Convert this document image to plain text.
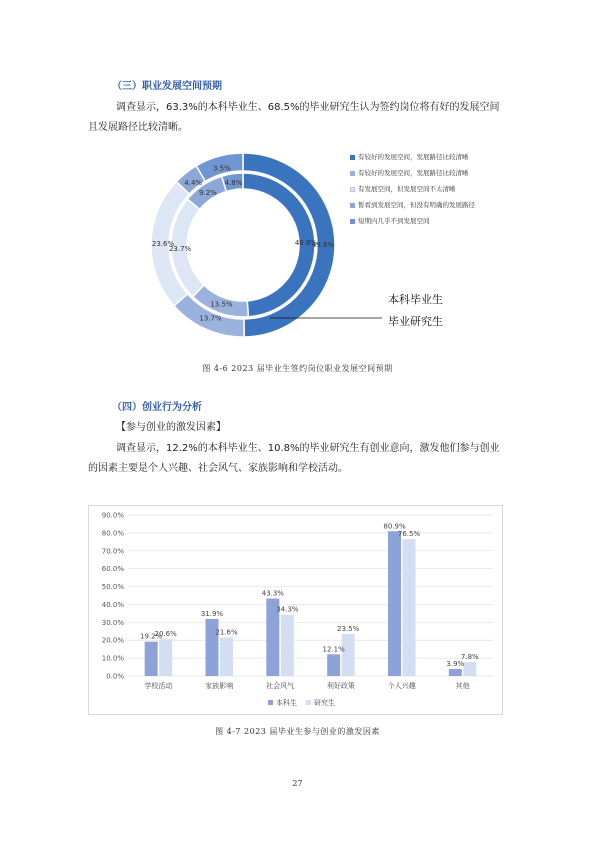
（三）职业发展空间预期
调查显示，63.3%的本科毕业生、68.5%的毕业研究生认为签约岗位将有好的发展空间
且发展路径比较清晰。
49.8%
13.7%
23.6%
4.4%
3.5%
48.8%
13.5%
23.7%
9.2%
4.8%
本科毕业生
毕业研究生
有较好的发展空间，发展路径比较清晰
有较好的发展空间，发展路径比较清晰
有发展空间，但发展空间不太清晰
暂看到发展空间，但没有明确的发展路径
短期内几乎不到发展空间
图 4-6 2023 届毕业生签约岗位职业发展空间预期
（四）创业行为分析
【参与创业的激发因素】
调查显示，12.2%的本科毕业生、10.8%的毕业研究生有创业意向，激发他们参与创业
的因素主要是个人兴趣、社会风气、家族影响和学校活动。
0.0%
10.0%
20.0%
30.0%
40.0%
50.0%
60.0%
70.0%
80.0%
90.0%
19.2%
20.6%
31.9%
21.6%
43.3%
34.3%
12.1%
23.5%
80.9%
76.5%
3.9%
7.8%
学校活动	家族影响	社会风气	利好政策	个人兴趣	其他
本科生 研究生
图 4-7 2023 届毕业生参与创业的激发因素
27
